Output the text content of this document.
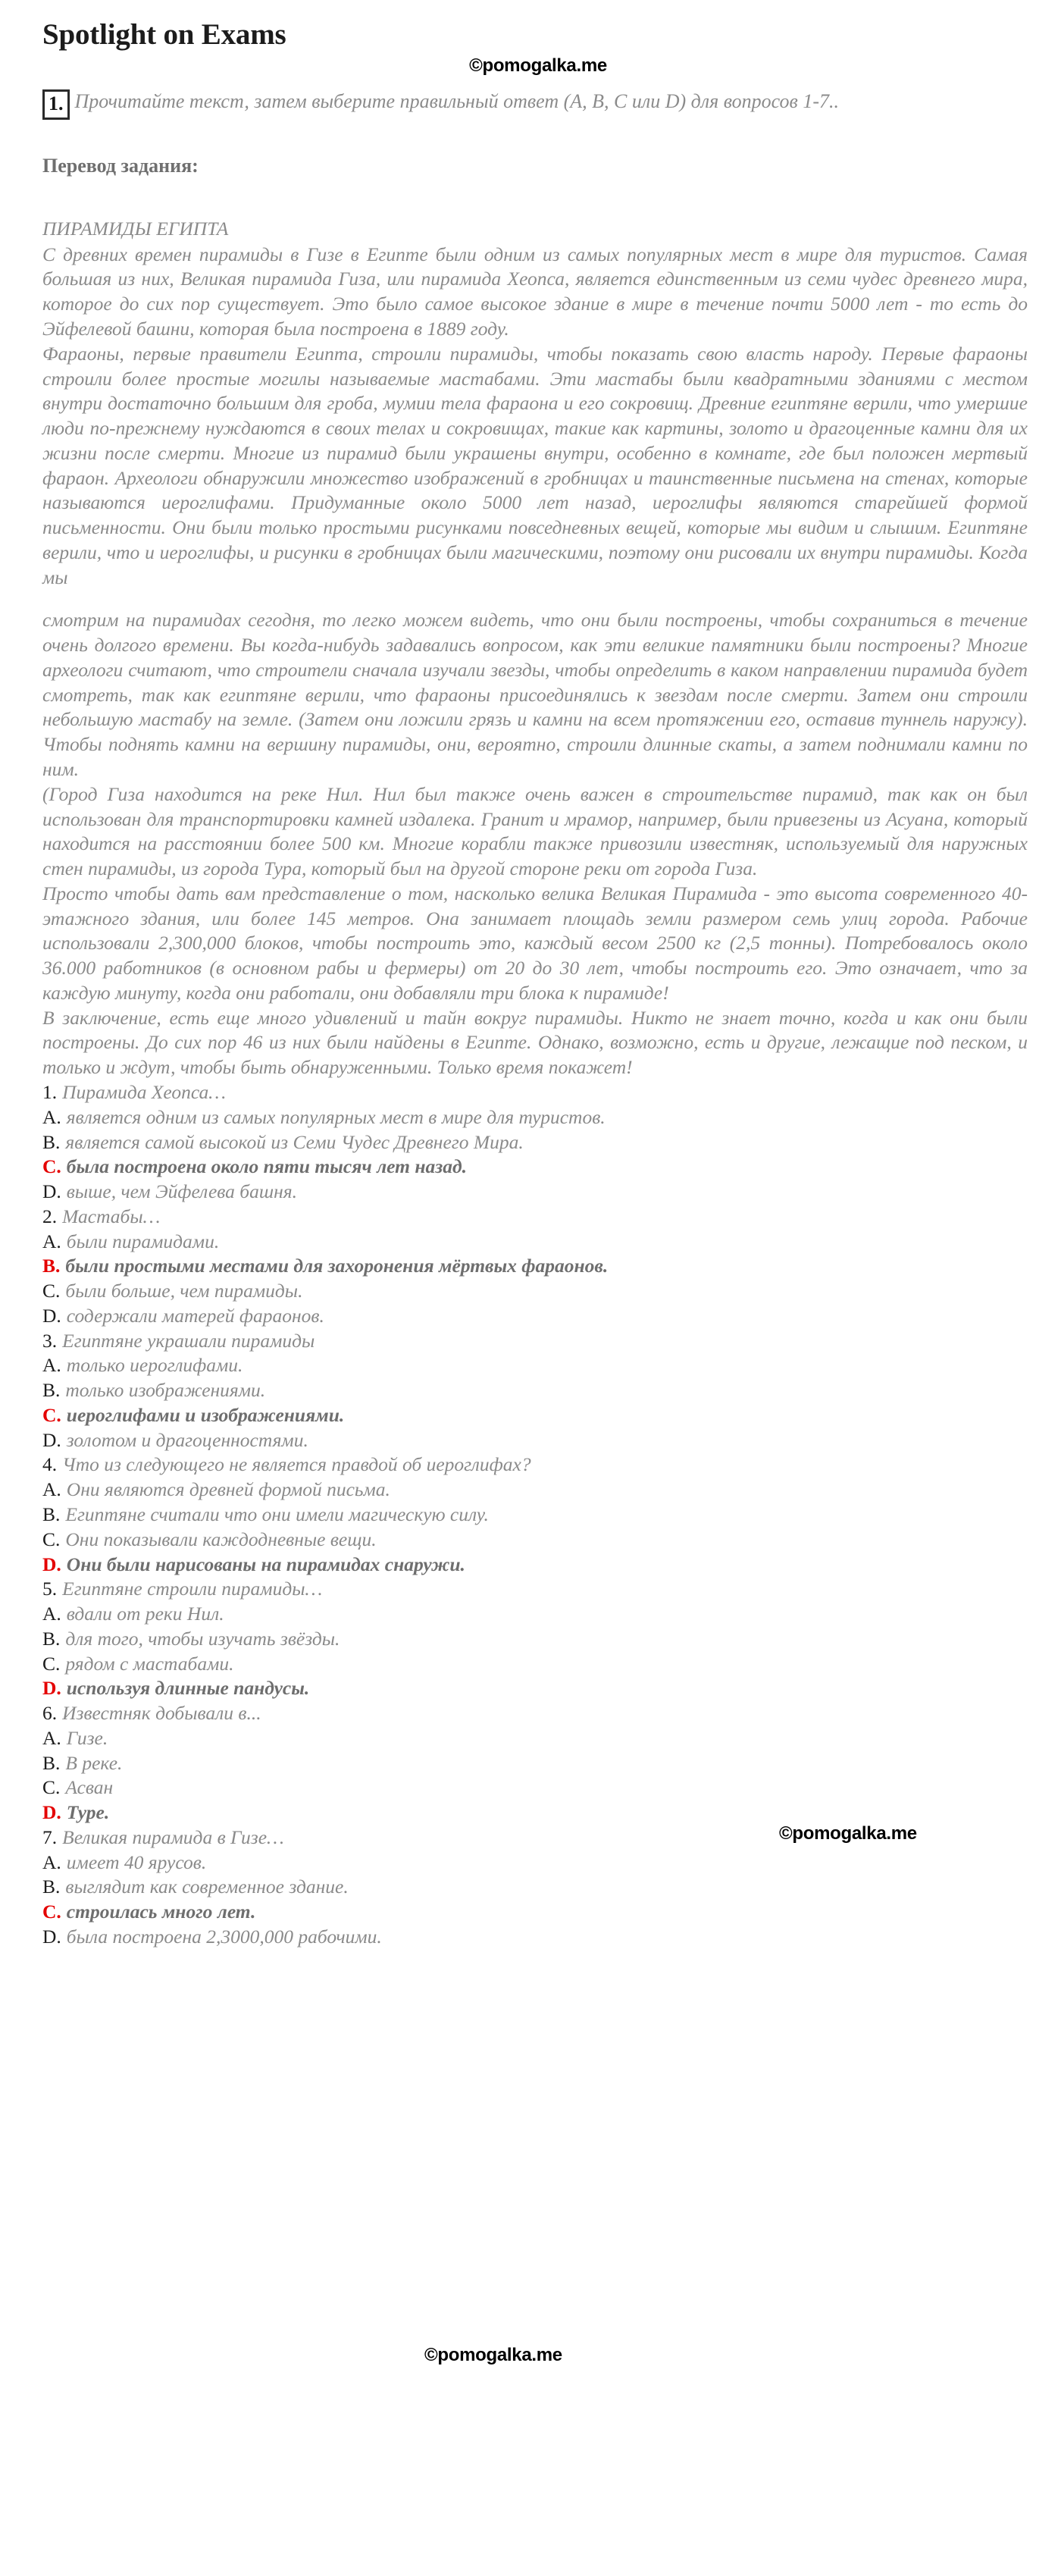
Spotlight on Exams
©pomogalka.me
1. Прочитайте текст, затем выберите правильный ответ (A, B, C или D) для вопросов 1-7..
Перевод задания:

ПИРАМИДЫ ЕГИПТА

С древних времен пирамиды в Гизе в Египте были одним из самых популярных мест в мире для туристов. Самая большая из них, Великая пирамида Гиза, или пирамида Хеопса, является единственным из семи чудес древнего мира, которое до сих пор существует. Это было самое высокое здание в мире в течение почти 5000 лет - то есть до Эйфелевой башни, которая была построена в 1889 году.

Фараоны, первые правители Египта, строили пирамиды, чтобы показать свою власть народу. Первые фараоны строили более простые могилы называемые мастабами. Эти мастабы были квадратными зданиями с местом внутри достаточно большим для гроба, мумии тела фараона и его сокровищ. Древние египтяне верили, что умершие люди по-прежнему нуждаются в своих телах и сокровищах, такие как картины, золото и драгоценные камни для их жизни после смерти. Многие из пирамид были украшены внутри, особенно в комнате, где был положен мертвый фараон. Археологи обнаружили множество изображений в гробницах и таинственные письмена на стенах, которые называются иероглифами. Придуманные около 5000 лет назад, иероглифы являются старейшей формой письменности. Они были только простыми рисунками повседневных вещей, которые мы видим и слышим. Египтяне верили, что и иероглифы, и рисунки в гробницах были магическими, поэтому они рисовали их внутри пирамиды. Когда мы

смотрим на пирамидах сегодня, то легко можем видеть, что они были построены, чтобы сохраниться в течение очень долгого времени. Вы когда-нибудь задавались вопросом, как эти великие памятники были построены? Многие археологи считают, что строители сначала изучали звезды, чтобы определить в каком направлении пирамида будет смотреть, так как египтяне верили, что фараоны присоединялись к звездам после смерти. Затем они строили небольшую мастабу на земле. (Затем они ложили грязь и камни на всем протяжении его, оставив туннель наружу). Чтобы поднять камни на вершину пирамиды, они, вероятно, строили длинные скаты, а затем поднимали камни по ним.

(Город Гиза находится на реке Нил. Нил был также очень важен в строительстве пирамид, так как он был использован для транспортировки камней издалека. Гранит и мрамор, например, были привезены из Асуана, который находится на расстоянии более 500 км. Многие корабли также привозили известняк, используемый для наружных стен пирамиды, из города Тура, который был на другой стороне реки от города Гиза.

Просто чтобы дать вам представление о том, насколько велика Великая Пирамида - это высота современного 40-этажного здания, или более 145 метров. Она занимает площадь земли размером семь улиц города. Рабочие использовали 2,300,000 блоков, чтобы построить это, каждый весом 2500 кг (2,5 тонны). Потребовалось около 36.000 работников (в основном рабы и фермеры) от 20 до 30 лет, чтобы построить его. Это означает, что за каждую минуту, когда они работали, они добавляли три блока к пирамиде!

В заключение, есть еще много удивлений и тайн вокруг пирамиды. Никто не знает точно, когда и как они были построены. До сих пор 46 из них были найдены в Египте. Однако, возможно, есть и другие, лежащие под песком, и только и ждут, чтобы быть обнаруженными. Только время покажет!

1. Пирамида Хеопса…
A. является одним из самых популярных мест в мире для туристов.
B. является самой высокой из Семи Чудес Древнего Мира.
C. была построена около пяти тысяч лет назад.
D. выше, чем Эйфелева башня.
2. Мастабы…
A. были пирамидами.
B. были простыми местами для захоронения мёртвых фараонов.
C. были больше, чем пирамиды.
D. содержали матерей фараонов.
3. Египтяне украшали пирамиды
A. только иероглифами.
B. только изображениями.
C. иероглифами и изображениями.
D. золотом и драгоценностями.
4. Что из следующего не является правдой об иероглифах?
A. Они являются древней формой письма.
B. Египтяне считали что они имели магическую силу.
C. Они показывали каждодневные вещи.
D. Они были нарисованы на пирамидах снаружи.
5. Египтяне строили пирамиды…
A. вдали от реки Нил.
B. для того, чтобы изучать звёзды.
C. рядом с мастабами.
D. используя длинные пандусы.
6. Известняк добывали в...
A. Гизе.
B. В реке.
C. Асван
D. Туре.
7. Великая пирамида в Гизе…
A. имеет 40 ярусов.
B. выглядит как современное здание.
C. строилась много лет.
D. была построена 2,3000,000 рабочими.
©pomogalka.me
©pomogalka.me
